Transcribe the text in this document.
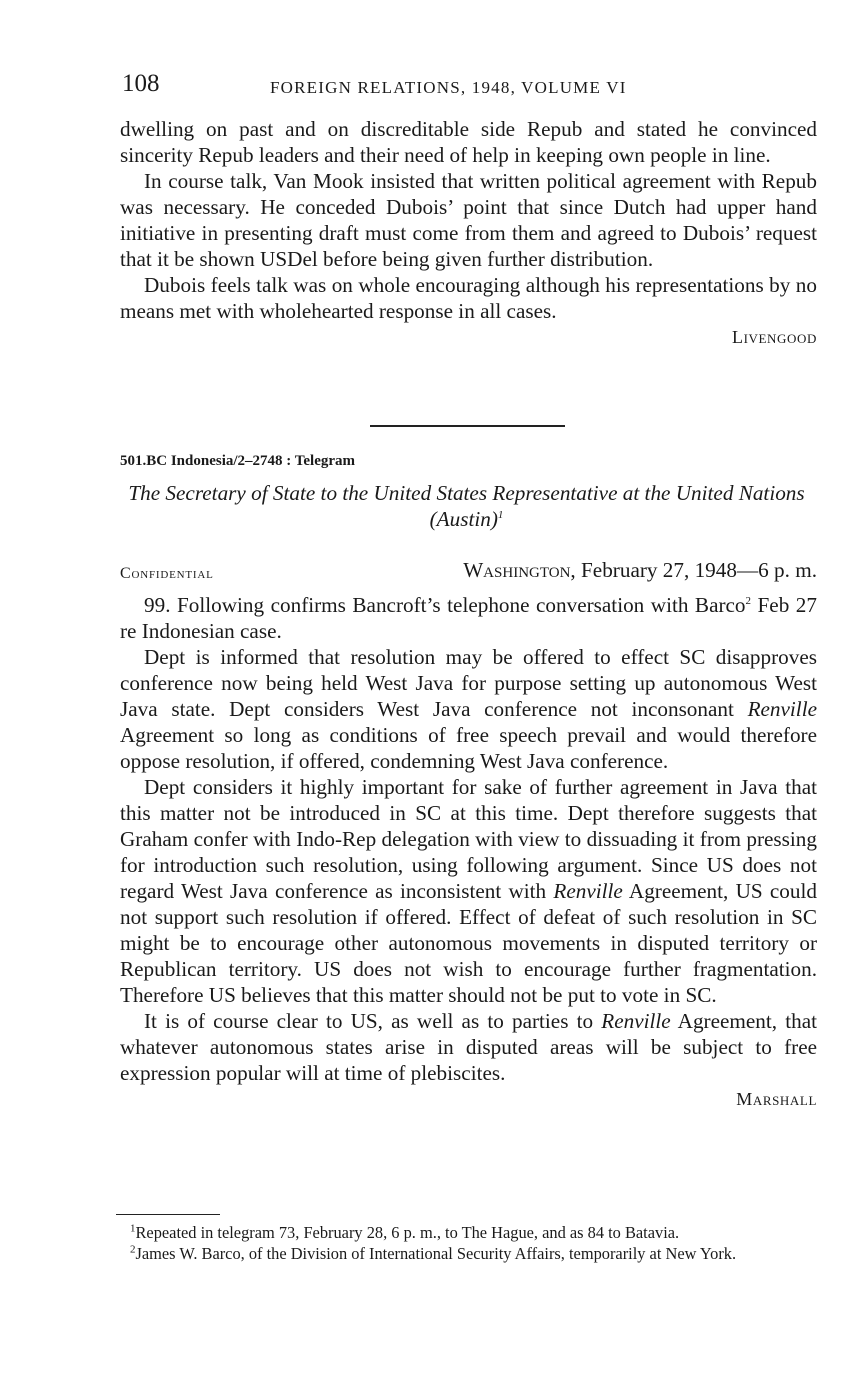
108	FOREIGN RELATIONS, 1948, VOLUME VI

dwelling on past and on discreditable side Repub and stated he convinced sincerity Repub leaders and their need of help in keeping own people in line.

In course talk, Van Mook insisted that written political agreement with Repub was necessary. He conceded Dubois’ point that since Dutch had upper hand initiative in presenting draft must come from them and agreed to Dubois’ request that it be shown USDel before being given further distribution.

Dubois feels talk was on whole encouraging although his representations by no means met with wholehearted response in all cases.

Livengood
501.BC Indonesia/2–2748 : Telegram
The Secretary of State to the United States Representative at the United Nations (Austin)$^1$
Confidential	Washington, February 27, 1948—6 p. m.

99. Following confirms Bancroft’s telephone conversation with Barco$^2$ Feb 27 re Indonesian case.

Dept is informed that resolution may be offered to effect SC disapproves conference now being held West Java for purpose setting up autonomous West Java state. Dept considers West Java conference not inconsonant Renville Agreement so long as conditions of free speech prevail and would therefore oppose resolution, if offered, condemning West Java conference.

Dept considers it highly important for sake of further agreement in Java that this matter not be introduced in SC at this time. Dept therefore suggests that Graham confer with Indo-Rep delegation with view to dissuading it from pressing for introduction such resolution, using following argument. Since US does not regard West Java conference as inconsistent with Renville Agreement, US could not support such resolution if offered. Effect of defeat of such resolution in SC might be to encourage other autonomous movements in disputed territory or Republican territory. US does not wish to encourage further fragmentation. Therefore US believes that this matter should not be put to vote in SC.

It is of course clear to US, as well as to parties to Renville Agreement, that whatever autonomous states arise in disputed areas will be subject to free expression popular will at time of plebiscites.

Marshall

$^1$Repeated in telegram 73, February 28, 6 p. m., to The Hague, and as 84 to Batavia.

$^2$James W. Barco, of the Division of International Security Affairs, temporarily at New York.
